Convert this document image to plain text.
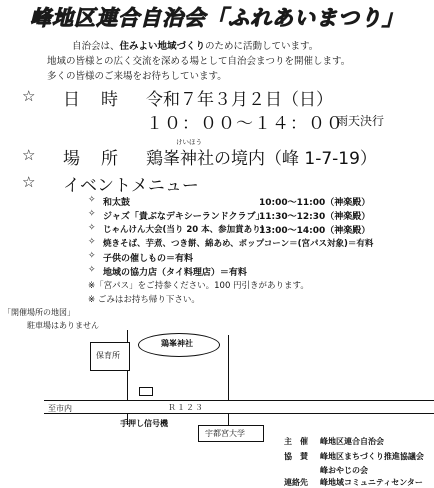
峰地区連合自治会「ふれあいまつり」
自治会は、住みよい地域づくりのために活動しています。
地域の皆様との広く交流を深める場として自治会まつりを開催します。
多くの皆様のご来場をお待ちしています。
☆ 日　時 令和７年３月２日（日）
１０：００～１４：００
雨天決行
けいほう
☆ 場　所 鶏峯神社の境内（峰 1-7-19）
☆ イベントメニュー
✧ 和太鼓	10:00～11:00（神楽殿）
✧ ジャズ「貴ぶなデキシーランドクラブ」
11:30～12:30（神楽殿）
✧ じゃんけん大会(当り 20 本、参加賞あり)
13:00～14:00（神楽殿）
✧ 焼きそば、芋煮、つき餅、綿あめ、ポップコーン＝(宮パス対象)＝有料
✧ 子供の催しもの＝有料
✧ 地域の協力店（タイ料理店）＝有料
※「宮パス」をご持参ください。100 円引きがあります。
※ ごみはお持ち帰り下さい。
「開催場所の地図」
駐車場はありません
保育所
鶏峯神社
至市内	Ｒ１２３
手押し信号機
宇都宮大学
主　催 峰地区連合自治会
協　賛 峰地区まちづくり推進協議会
峰おやじの会
連絡先 峰地域コミュニティセンター
